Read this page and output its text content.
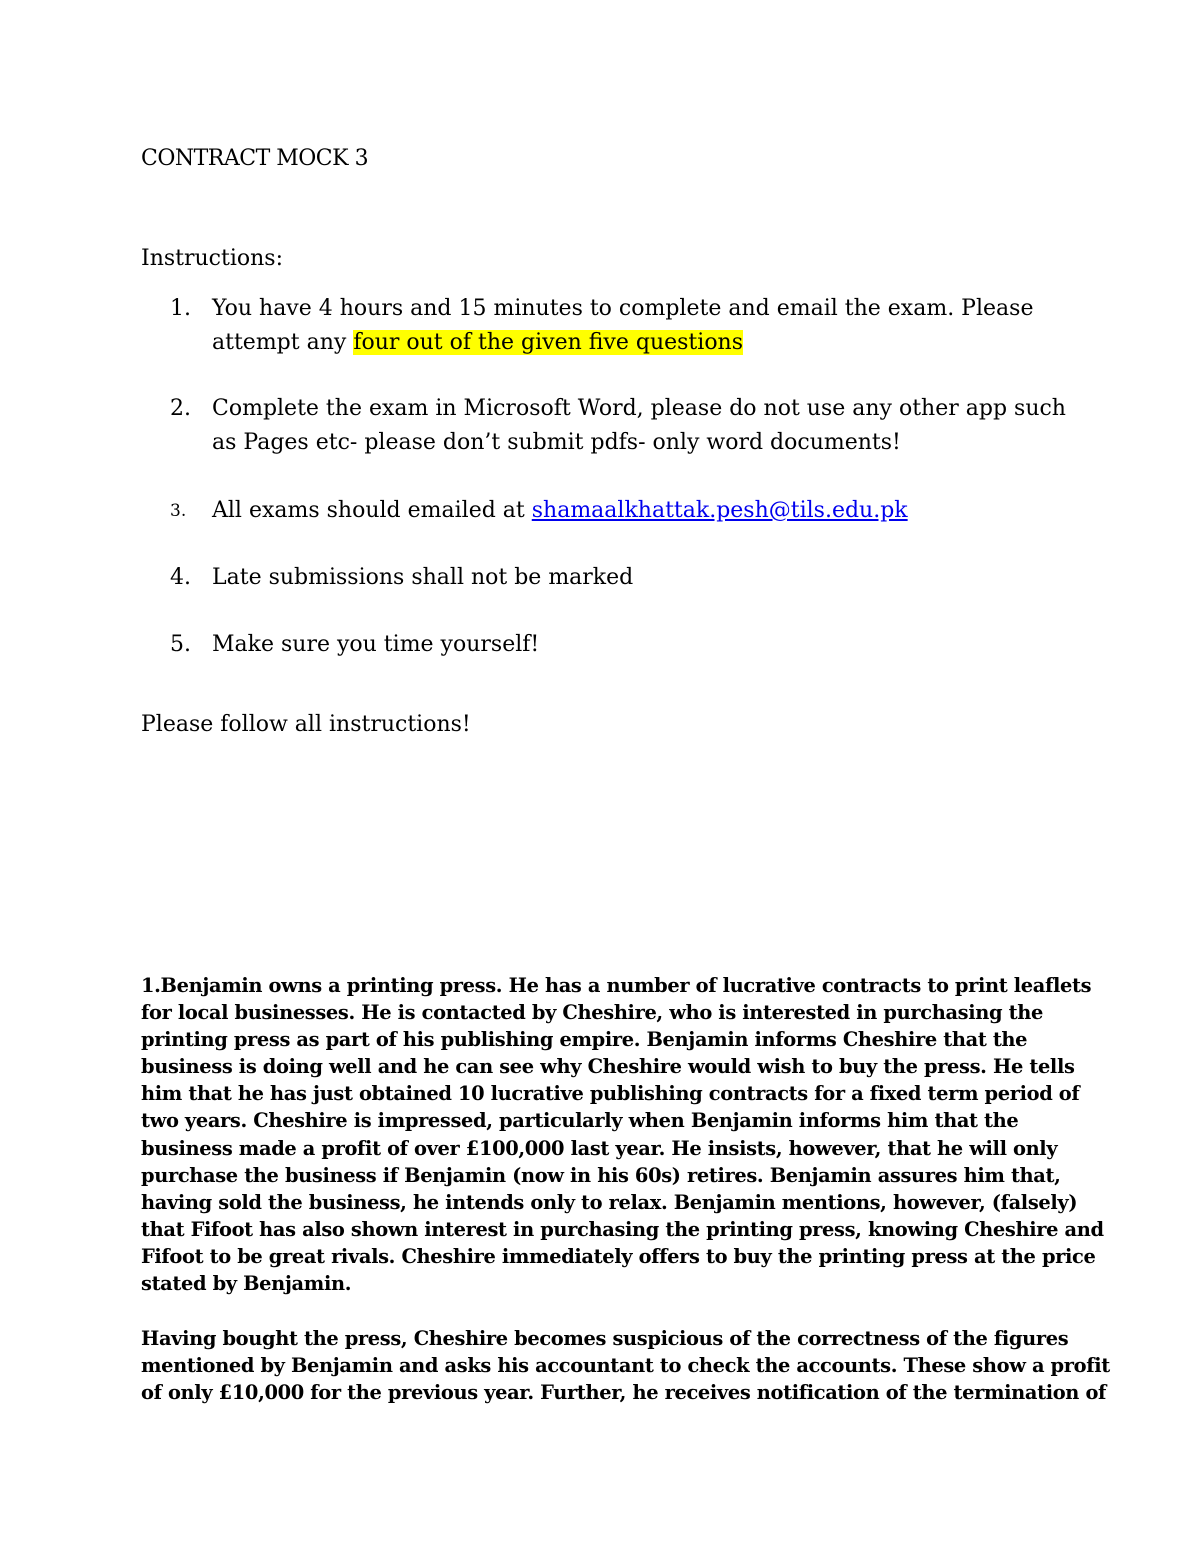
CONTRACT MOCK 3
Instructions:
1. You have 4 hours and 15 minutes to complete and email the exam. Please
attempt any four out of the given five questions
2. Complete the exam in Microsoft Word, please do not use any other app such
as Pages etc- please don’t submit pdfs- only word documents!
3.	All exams should emailed at shamaalkhattak.pesh@tils.edu.pk
4. Late submissions shall not be marked
5. Make sure you time yourself!
Please follow all instructions!
1.Benjamin owns a printing press. He has a number of lucrative contracts to print leaflets
for local businesses. He is contacted by Cheshire, who is interested in purchasing the
printing press as part of his publishing empire. Benjamin informs Cheshire that the
business is doing well and he can see why Cheshire would wish to buy the press. He tells
him that he has just obtained 10 lucrative publishing contracts for a fixed term period of
two years. Cheshire is impressed, particularly when Benjamin informs him that the
business made a profit of over £100,000 last year. He insists, however, that he will only
purchase the business if Benjamin (now in his 60s) retires. Benjamin assures him that,
having sold the business, he intends only to relax. Benjamin mentions, however, (falsely)
that Fifoot has also shown interest in purchasing the printing press, knowing Cheshire and
Fifoot to be great rivals. Cheshire immediately offers to buy the printing press at the price
stated by Benjamin.
Having bought the press, Cheshire becomes suspicious of the correctness of the figures
mentioned by Benjamin and asks his accountant to check the accounts. These show a profit
of only £10,000 for the previous year. Further, he receives notification of the termination of
